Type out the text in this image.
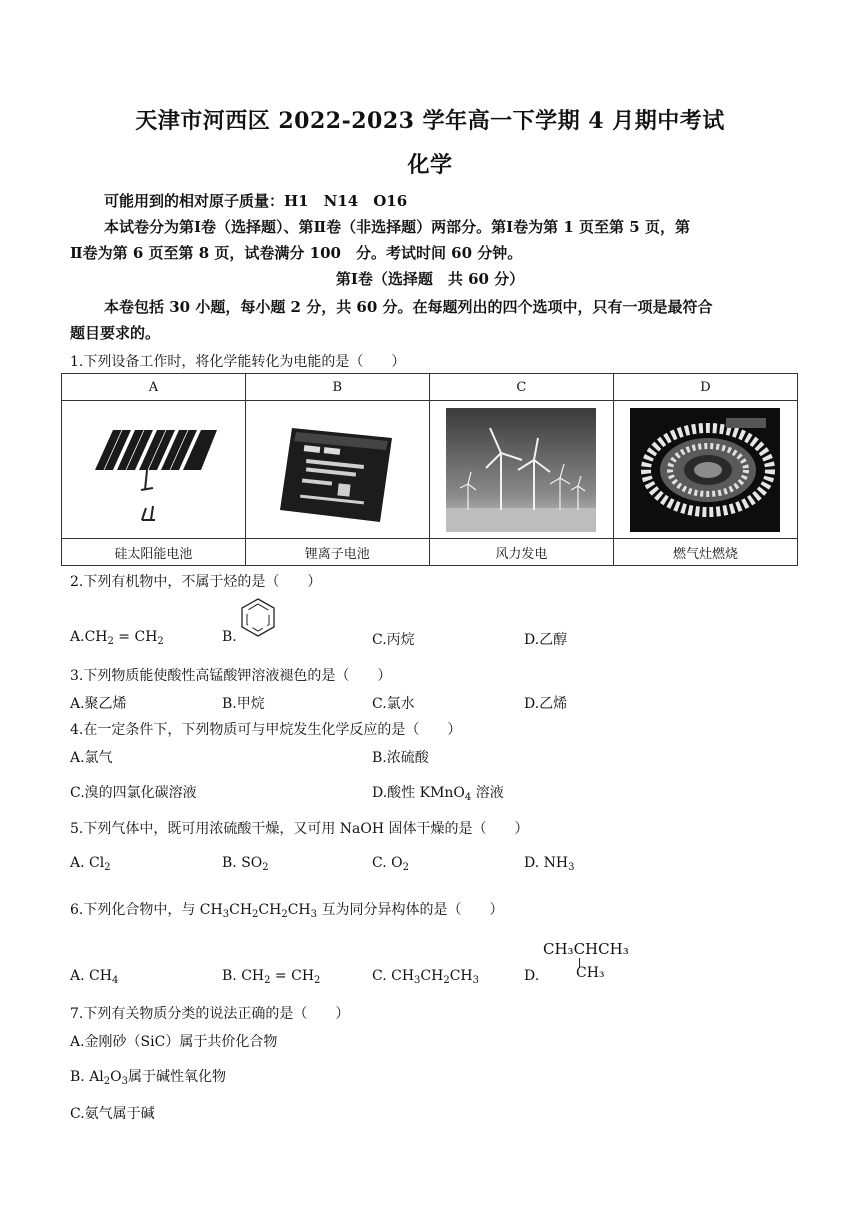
天津市河西区 2022-2023 学年高一下学期 4 月期中考试
化学
可能用到的相对原子质量：H1　N14　O16
本试卷分为第Ⅰ卷（选择题）、第Ⅱ卷（非选择题）两部分。第Ⅰ卷为第 1 页至第 5 页，第
Ⅱ卷为第 6 页至第 8 页，试卷满分 100　分。考试时间 60 分钟。
第Ⅰ卷（选择题　共 60 分）
本卷包括 30 小题，每小题 2 分，共 60 分。在每题列出的四个选项中，只有一项是最符合
题目要求的。
1.下列设备工作时，将化学能转化为电能的是（　　）
A	B	C	D

硅太阳能电池	锂离子电池	风力发电	燃气灶燃烧
2.下列有机物中，不属于烃的是（　　）
$A.CH_2 = CH_2$	B.	C.丙烷	D.乙醇
3.下列物质能使酸性高锰酸钾溶液褪色的是（　　）
A.聚乙烯	B.甲烷	C.氯水	D.乙烯
4.在一定条件下，下列物质可与甲烷发生化学反应的是（　　）
A.氯气	B.浓硫酸
C.溴的四氯化碳溶液	D.酸性 KMnO$_4$ 溶液
5.下列气体中，既可用浓硫酸干燥，又可用 NaOH 固体干燥的是（　　）
A. $Cl_2$	B. $SO_2$	C. $O_2$	D. $NH_3$
6.下列化合物中，与 $CH_3CH_2CH_2CH_3$ 互为同分异构体的是（　　）
A. $CH_4$	B. $CH_2 = CH_2$	C. $CH_3CH_2CH_3$	D.
CH₃CHCH₃
CH₃
7.下列有关物质分类的说法正确的是（　　）
A.金刚砂（SiC）属于共价化合物
B. $Al_2O_3$属于碱性氧化物
C.氨气属于碱
